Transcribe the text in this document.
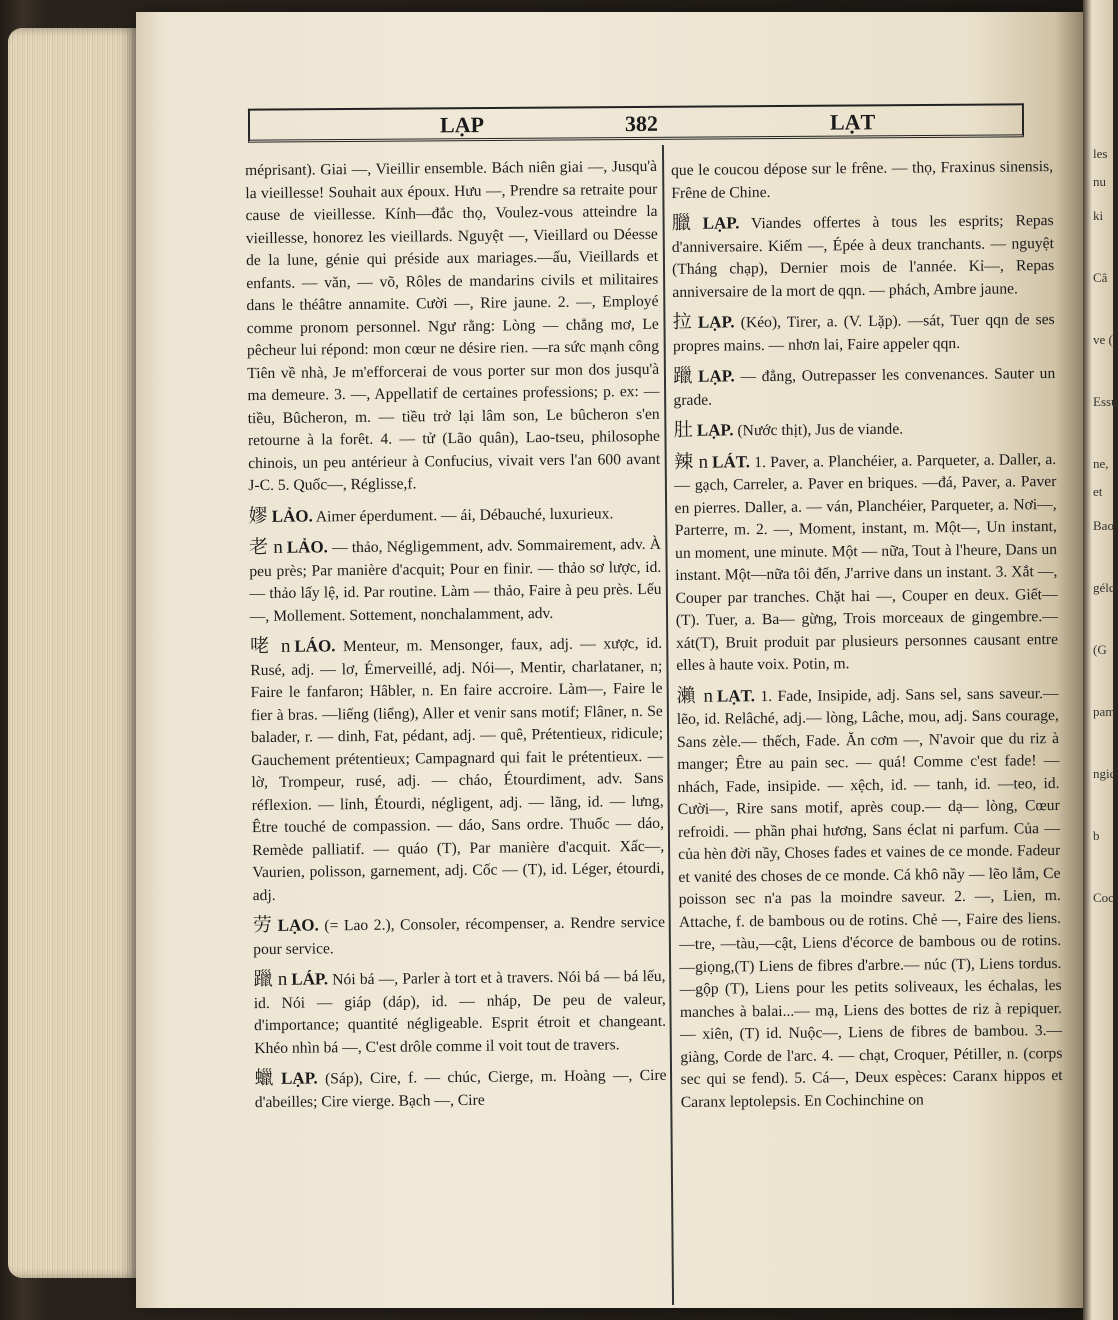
les nu
ki
Câ
ve (
Essu
ne, et
Bao
gélc
(G
pam
ngic
b
Coc
LẠP	382	LẠT
méprisant). Giai —, Vieillir ensemble. Bách niên giai —, Jusqu'à la vieillesse! Souhait aux époux. Hưu —, Prendre sa retraite pour cause de vieillesse. Kính—đắc thọ, Voulez-vous atteindre la vieillesse, honorez les vieillards. Nguyệt —, Vieillard ou Déesse de la lune, génie qui préside aux mariages.—ấu, Vieillards et enfants. — văn, — võ, Rôles de mandarins civils et militaires dans le théâtre annamite. Cười —, Rire jaune. 2. —, Employé comme pronom personnel. Ngư rằng: Lòng — chẳng mơ, Le pêcheur lui répond: mon cœur ne désire rien. —ra sức mạnh công Tiên về nhà, Je m'efforcerai de vous porter sur mon dos jusqu'à ma demeure. 3. —, Appellatif de certaines professions; p. ex: — tiều, Bûcheron, m. — tiều trở lại lâm son, Le bûcheron s'en retourne à la forêt. 4. — tử (Lão quân), Lao-tseu, philosophe chinois, un peu antérieur à Confucius, vivait vers l'an 600 avant J-C. 5. Quốc—, Réglisse,f.
嫪 LẢO. Aimer éperdument. — ái, Débauché, luxurieux.
老 n LẢO. — thảo, Négligemment, adv. Sommairement, adv. À peu près; Par manière d'acquit; Pour en finir. — thảo sơ lược, id. — thảo lấy lệ, id. Par routine. Làm — thảo, Faire à peu près. Lếu —, Mollement. Sottement, nonchalamment, adv.
咾 n LÁO. Menteur, m. Mensonger, faux, adj. — xược, id. Rusé, adj. — lơ, Émerveillé, adj. Nói—, Mentir, charlataner, n; Faire le fanfaron; Hâbler, n. En faire accroire. Làm—, Faire le fier à bras. —liếng (liểng), Aller et venir sans motif; Flâner, n. Se balader, r. — dinh, Fat, pédant, adj. — quê, Prétentieux, ridicule; Gauchement prétentieux; Campagnard qui fait le prétentieux. — lờ, Trompeur, rusé, adj. — cháo, Étourdiment, adv. Sans réflexion. — lỉnh, Étourdi, négligent, adj. — lãng, id. — lưng, Être touché de compassion. — dáo, Sans ordre. Thuốc — dáo, Remède palliatif. — quáo (T), Par manière d'acquit. Xấc—, Vaurien, polisson, garnement, adj. Cốc — (T), id. Léger, étourdi, adj.
劳 LẠO. (= Lao 2.), Consoler, récompenser, a. Rendre service pour service.
躐 n LÁP. Nói bá —, Parler à tort et à travers. Nói bá — bá lếu, id. Nói — giáp (dáp), id. — nháp, De peu de valeur, d'importance; quantité négligeable. Esprit étroit et changeant. Khéo nhìn bá —, C'est drôle comme il voit tout de travers.
蠟 LẠP. (Sáp), Cire, f. — chúc, Cierge, m. Hoàng —, Cire d'abeilles; Cire vierge. Bạch —, Cire
que le coucou dépose sur le frêne. — thọ, Fraxinus sinensis, Frêne de Chine.
臘 LẠP. Viandes offertes à tous les esprits; Repas d'anniversaire. Kiếm —, Épée à deux tranchants. — nguyệt (Tháng chạp), Dernier mois de l'année. Kỉ—, Repas anniversaire de la mort de qqn. — phách, Ambre jaune.
拉 LẠP. (Kéo), Tirer, a. (V. Lặp). —sát, Tuer qqn de ses propres mains. — nhơn lai, Faire appeler qqn.
躐 LẠP. — đẳng, Outrepasser les convenances. Sauter un grade.
肚 LẠP. (Nước thịt), Jus de viande.
辣 n LÁT. 1. Paver, a. Planchéier, a. Parqueter, a. Daller, a. — gạch, Carreler, a. Paver en briques. —đá, Paver, a. Paver en pierres. Daller, a. — ván, Planchéier, Parqueter, a. Nơi—, Parterre, m. 2. —, Moment, instant, m. Một—, Un instant, un moment, une minute. Một — nữa, Tout à l'heure, Dans un instant. Một—nữa tôi đến, J'arrive dans un instant. 3. Xắt —, Couper par tranches. Chặt hai —, Couper en deux. Giết—(T). Tuer, a. Ba— gừng, Trois morceaux de gingembre.—xát(T), Bruit produit par plusieurs personnes causant entre elles à haute voix. Potin, m.
瀨 n LẠT. 1. Fade, Insipide, adj. Sans sel, sans saveur.— lẽo, id. Relâché, adj.— lòng, Lâche, mou, adj. Sans courage, Sans zèle.— thếch, Fade. Ăn cơm —, N'avoir que du riz à manger; Être au pain sec. — quá! Comme c'est fade! — nhách, Fade, insipide. — xệch, id. — tanh, id. —teo, id. Cười—, Rire sans motif, après coup.— dạ— lòng, Cœur refroidi. — phần phai hương, Sans éclat ni parfum. Của — của hèn đời nầy, Choses fades et vaines de ce monde. Fadeur et vanité des choses de ce monde. Cá khô nầy — lẽo lắm, Ce poisson sec n'a pas la moindre saveur. 2. —, Lien, m. Attache, f. de bambous ou de rotins. Chẻ —, Faire des liens. —tre, —tàu,—cật, Liens d'écorce de bambous ou de rotins. —giọng,(T) Liens de fibres d'arbre.— núc (T), Liens tordus. —gộp (T), Liens pour les petits soliveaux, les échalas, les manches à balai...— mạ, Liens des bottes de riz à repiquer. — xiên, (T) id. Nuộc—, Liens de fibres de bambou. 3.—giàng, Corde de l'arc. 4. — chạt, Croquer, Pétiller, n. (corps sec qui se fend). 5. Cá—, Deux espèces: Caranx hippos et Caranx leptolepsis. En Cochinchine on
